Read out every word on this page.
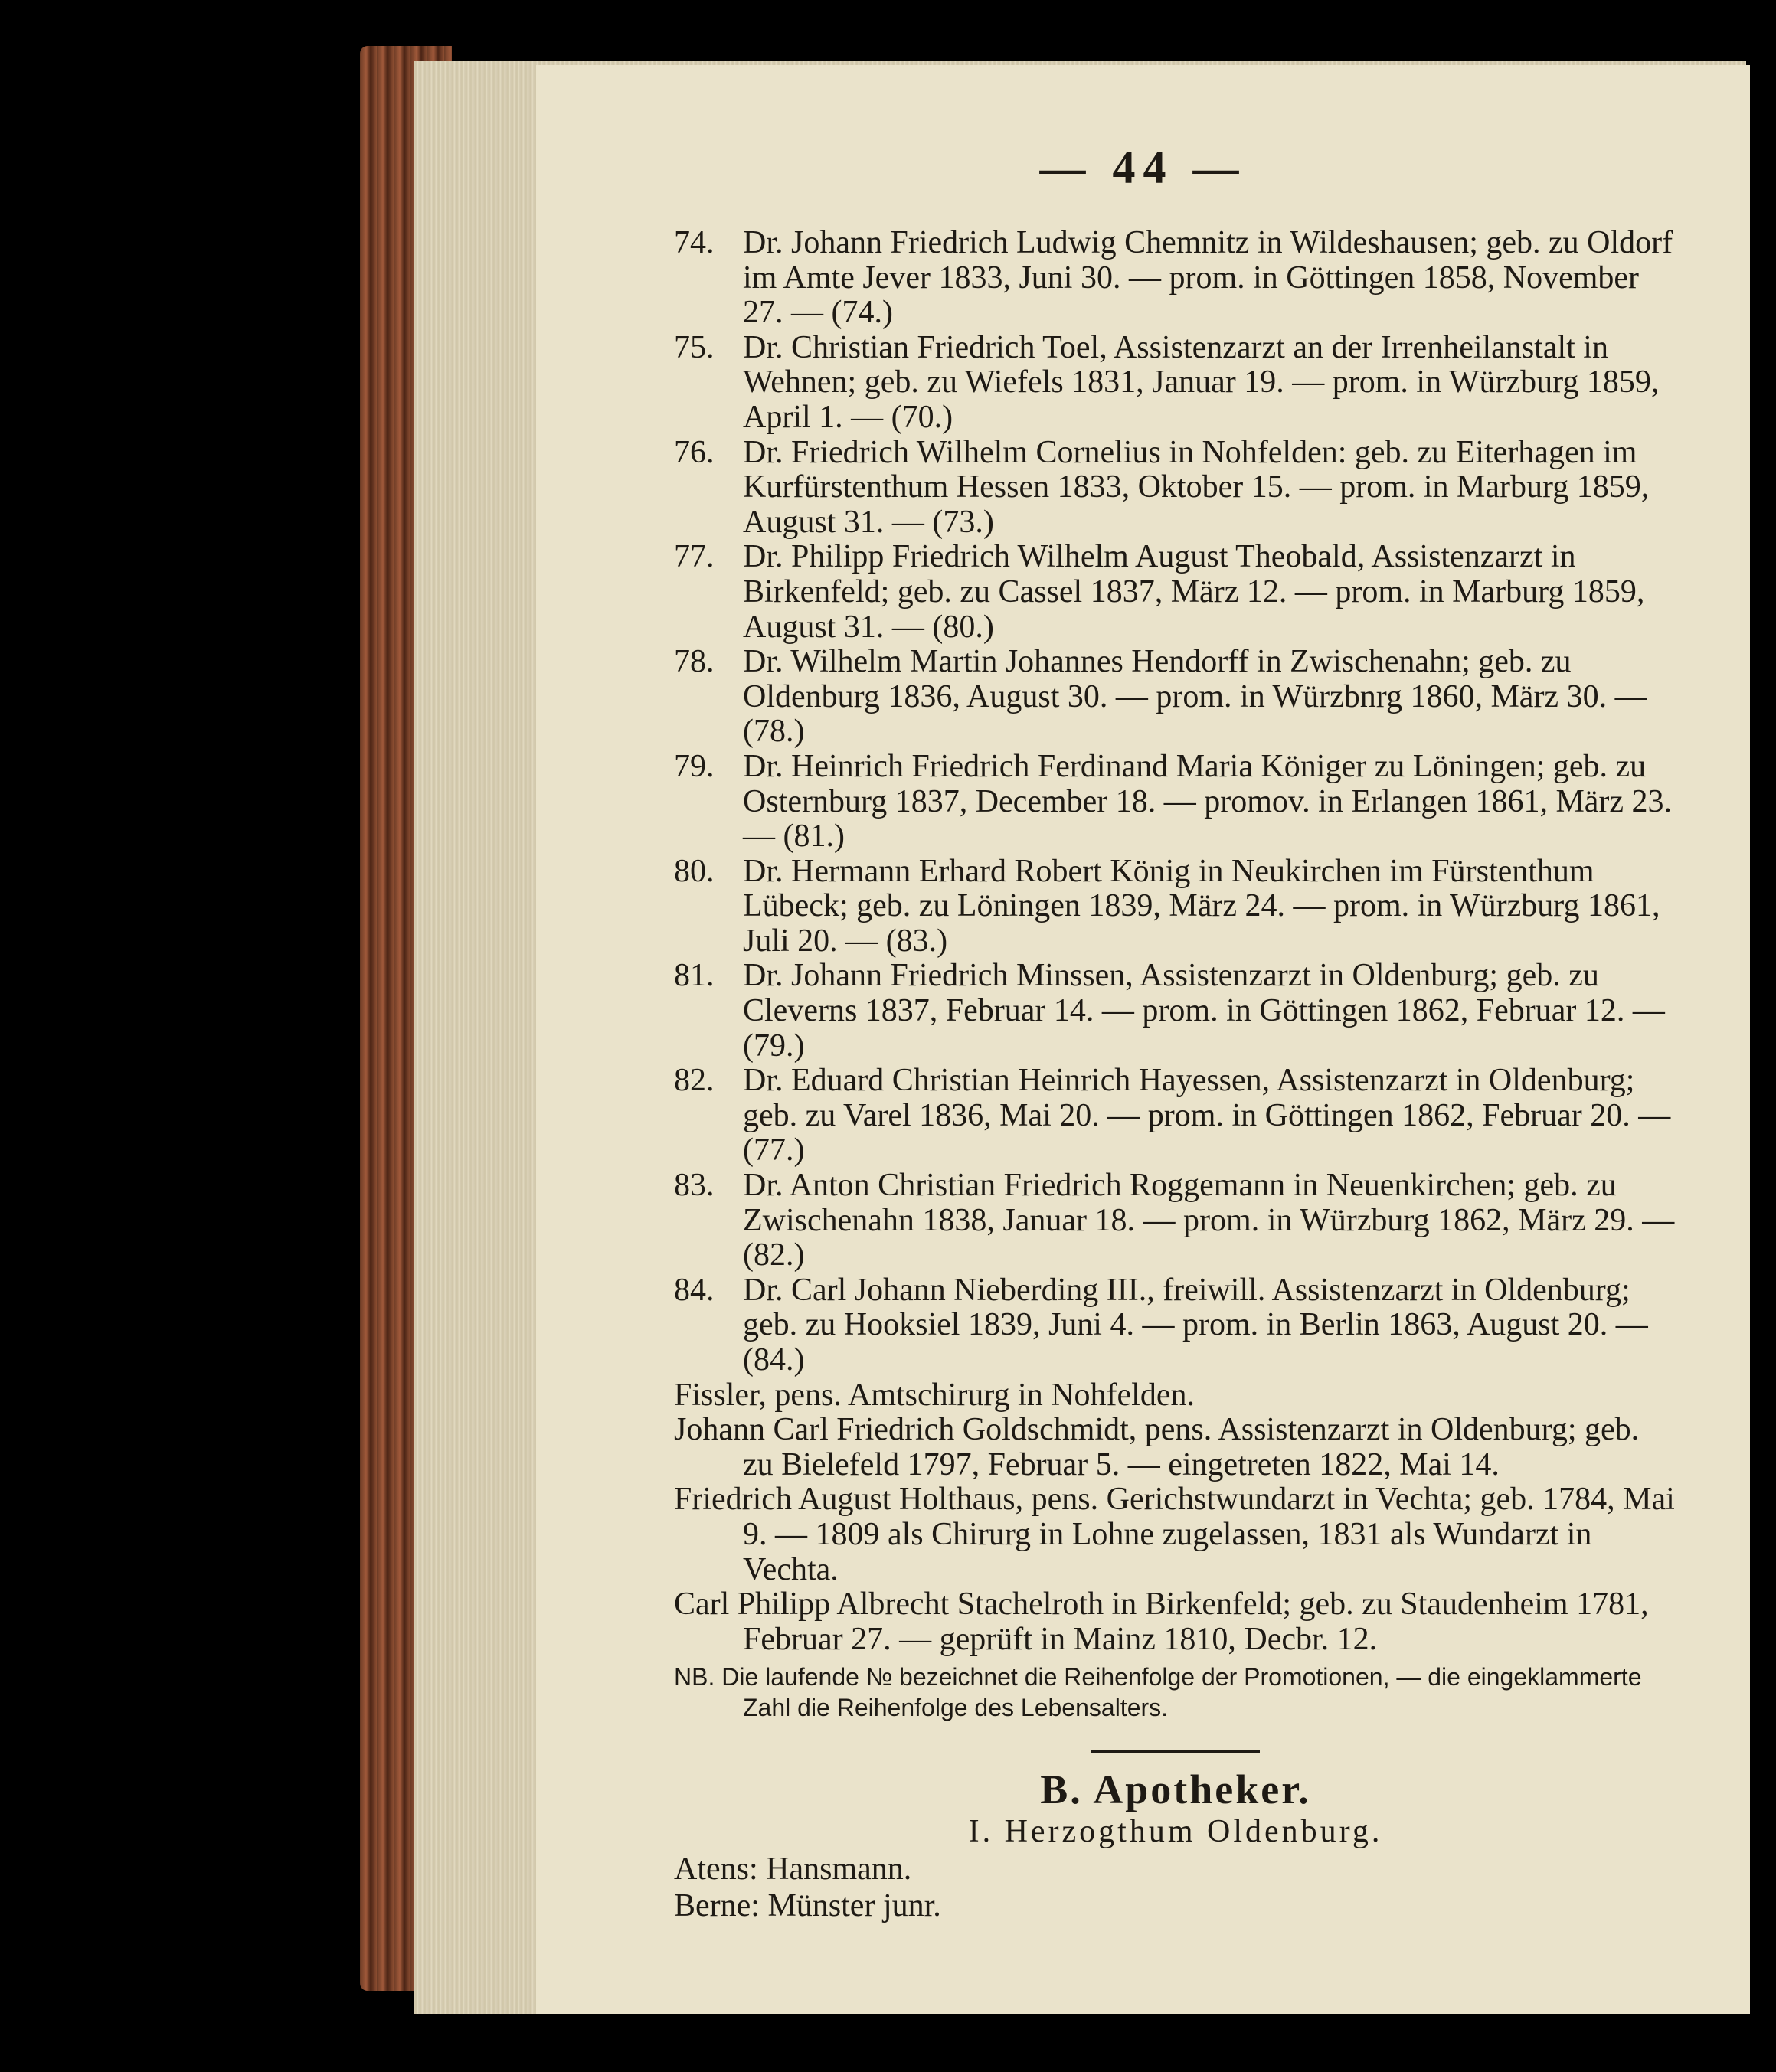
— 44 —
74. Dr. Johann Friedrich Ludwig Chemnitz in Wildeshausen; geb. zu Oldorf im Amte Jever 1833, Juni 30. — prom. in Göttingen 1858, November 27. — (74.)
75. Dr. Christian Friedrich Toel, Assistenzarzt an der Irrenheilanstalt in Wehnen; geb. zu Wiefels 1831, Januar 19. — prom. in Würzburg 1859, April 1. — (70.)
76. Dr. Friedrich Wilhelm Cornelius in Nohfelden: geb. zu Eiterhagen im Kurfürstenthum Hessen 1833, Oktober 15. — prom. in Marburg 1859, August 31. — (73.)
77. Dr. Philipp Friedrich Wilhelm August Theobald, Assistenzarzt in Birkenfeld; geb. zu Cassel 1837, März 12. — prom. in Marburg 1859, August 31. — (80.)
78. Dr. Wilhelm Martin Johannes Hendorff in Zwischenahn; geb. zu Oldenburg 1836, August 30. — prom. in Würzbnrg 1860, März 30. — (78.)
79. Dr. Heinrich Friedrich Ferdinand Maria Königer zu Löningen; geb. zu Osternburg 1837, December 18. — promov. in Erlangen 1861, März 23. — (81.)
80. Dr. Hermann Erhard Robert König in Neukirchen im Fürstenthum Lübeck; geb. zu Löningen 1839, März 24. — prom. in Würzburg 1861, Juli 20. — (83.)
81. Dr. Johann Friedrich Minssen, Assistenzarzt in Oldenburg; geb. zu Cleverns 1837, Februar 14. — prom. in Göttingen 1862, Februar 12. — (79.)
82. Dr. Eduard Christian Heinrich Hayessen, Assistenzarzt in Oldenburg; geb. zu Varel 1836, Mai 20. — prom. in Göttingen 1862, Februar 20. — (77.)
83. Dr. Anton Christian Friedrich Roggemann in Neuenkirchen; geb. zu Zwischenahn 1838, Januar 18. — prom. in Würzburg 1862, März 29. — (82.)
84. Dr. Carl Johann Nieberding III., freiwill. Assistenzarzt in Oldenburg; geb. zu Hooksiel 1839, Juni 4. — prom. in Berlin 1863, August 20. — (84.)
Fissler, pens. Amtschirurg in Nohfelden.
Johann Carl Friedrich Goldschmidt, pens. Assistenzarzt in Oldenburg; geb. zu Bielefeld 1797, Februar 5. — eingetreten 1822, Mai 14.
Friedrich August Holthaus, pens. Gerichstwundarzt in Vechta; geb. 1784, Mai 9. — 1809 als Chirurg in Lohne zugelassen, 1831 als Wundarzt in Vechta.
Carl Philipp Albrecht Stachelroth in Birkenfeld; geb. zu Staudenheim 1781, Februar 27. — geprüft in Mainz 1810, Decbr. 12.
NB. Die laufende № bezeichnet die Reihenfolge der Promotionen, — die eingeklammerte Zahl die Reihenfolge des Lebensalters.
B. Apotheker.
I. Herzogthum Oldenburg.
Atens: Hansmann.
Berne: Münster junr.
